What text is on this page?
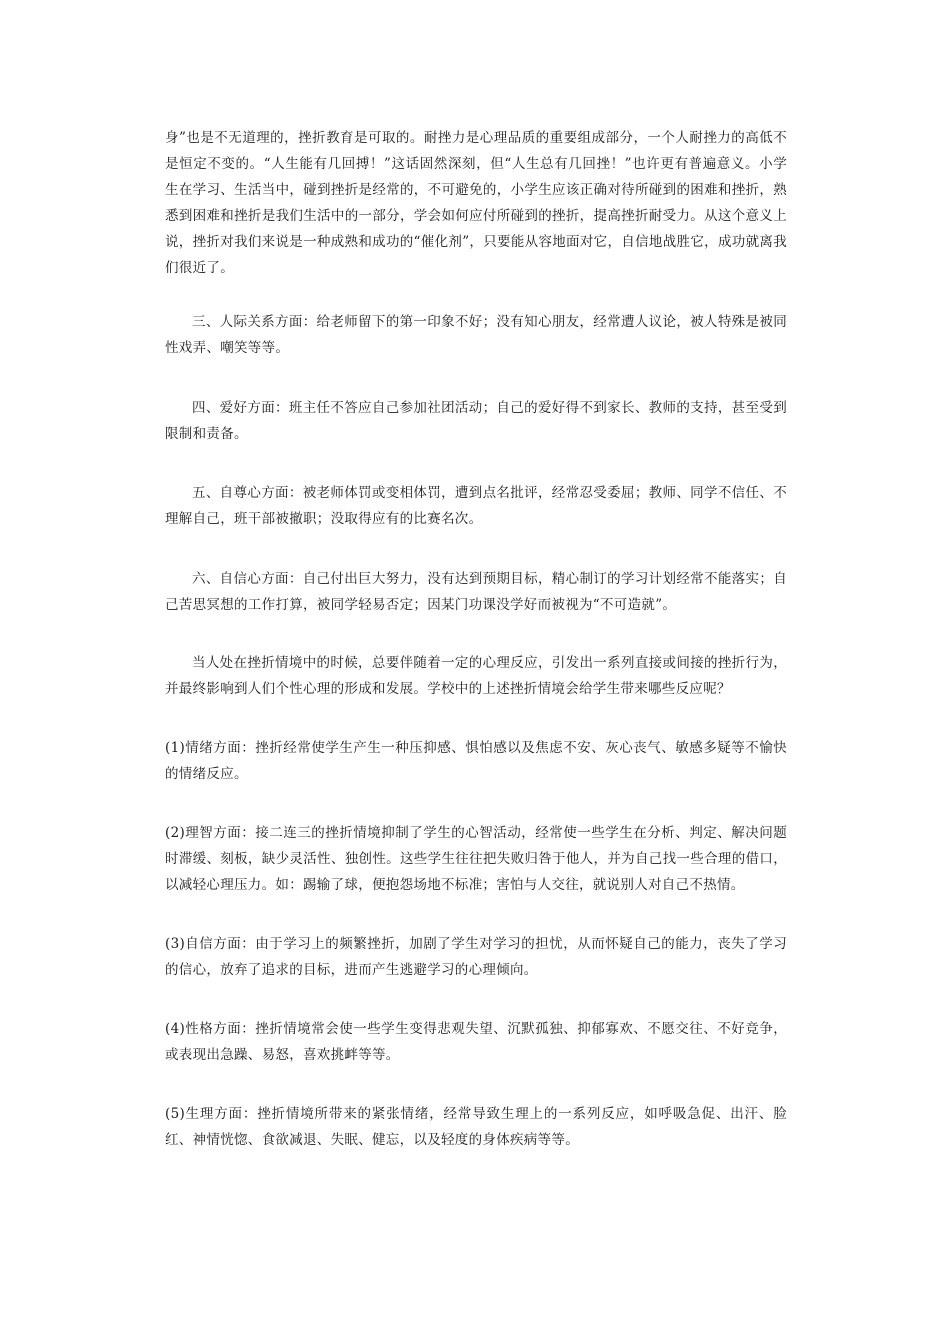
身”也是不无道理的，挫折教育是可取的。耐挫力是心理品质的重要组成部分，一个人耐挫力的高低不是恒定不变的。“人生能有几回搏！”这话固然深刻，但“人生总有几回挫！”也许更有普遍意义。小学生在学习、生活当中，碰到挫折是经常的，不可避免的，小学生应该正确对待所碰到的困难和挫折，熟悉到困难和挫折是我们生活中的一部分，学会如何应付所碰到的挫折，提高挫折耐受力。从这个意义上说，挫折对我们来说是一种成熟和成功的“催化剂”，只要能从容地面对它，自信地战胜它，成功就离我们很近了。

三、人际关系方面：给老师留下的第一印象不好；没有知心朋友，经常遭人议论，被人特殊是被同性戏弄、嘲笑等等。

四、爱好方面：班主任不答应自己参加社团活动；自己的爱好得不到家长、教师的支持，甚至受到限制和责备。

五、自尊心方面：被老师体罚或变相体罚，遭到点名批评，经常忍受委屈；教师、同学不信任、不理解自己，班干部被撤职；没取得应有的比赛名次。

六、自信心方面：自己付出巨大努力，没有达到预期目标，精心制订的学习计划经常不能落实；自己苦思冥想的工作打算，被同学轻易否定；因某门功课没学好而被视为“不可造就”。

当人处在挫折情境中的时候，总要伴随着一定的心理反应，引发出一系列直接或间接的挫折行为，并最终影响到人们个性心理的形成和发展。学校中的上述挫折情境会给学生带来哪些反应呢？

(1)情绪方面：挫折经常使学生产生一种压抑感、惧怕感以及焦虑不安、灰心丧气、敏感多疑等不愉快的情绪反应。

(2)理智方面：接二连三的挫折情境抑制了学生的心智活动，经常使一些学生在分析、判定、解决问题时滞缓、刻板，缺少灵活性、独创性。这些学生往往把失败归咎于他人，并为自己找一些合理的借口，以减轻心理压力。如：踢输了球，便抱怨场地不标准；害怕与人交往，就说别人对自己不热情。

(3)自信方面：由于学习上的频繁挫折，加剧了学生对学习的担忧，从而怀疑自己的能力，丧失了学习的信心，放弃了追求的目标，进而产生逃避学习的心理倾向。

(4)性格方面：挫折情境常会使一些学生变得悲观失望、沉默孤独、抑郁寡欢、不愿交往、不好竞争，或表现出急躁、易怒，喜欢挑衅等等。

(5)生理方面：挫折情境所带来的紧张情绪，经常导致生理上的一系列反应，如呼吸急促、出汗、脸红、神情恍惚、食欲减退、失眠、健忘，以及轻度的身体疾病等等。
